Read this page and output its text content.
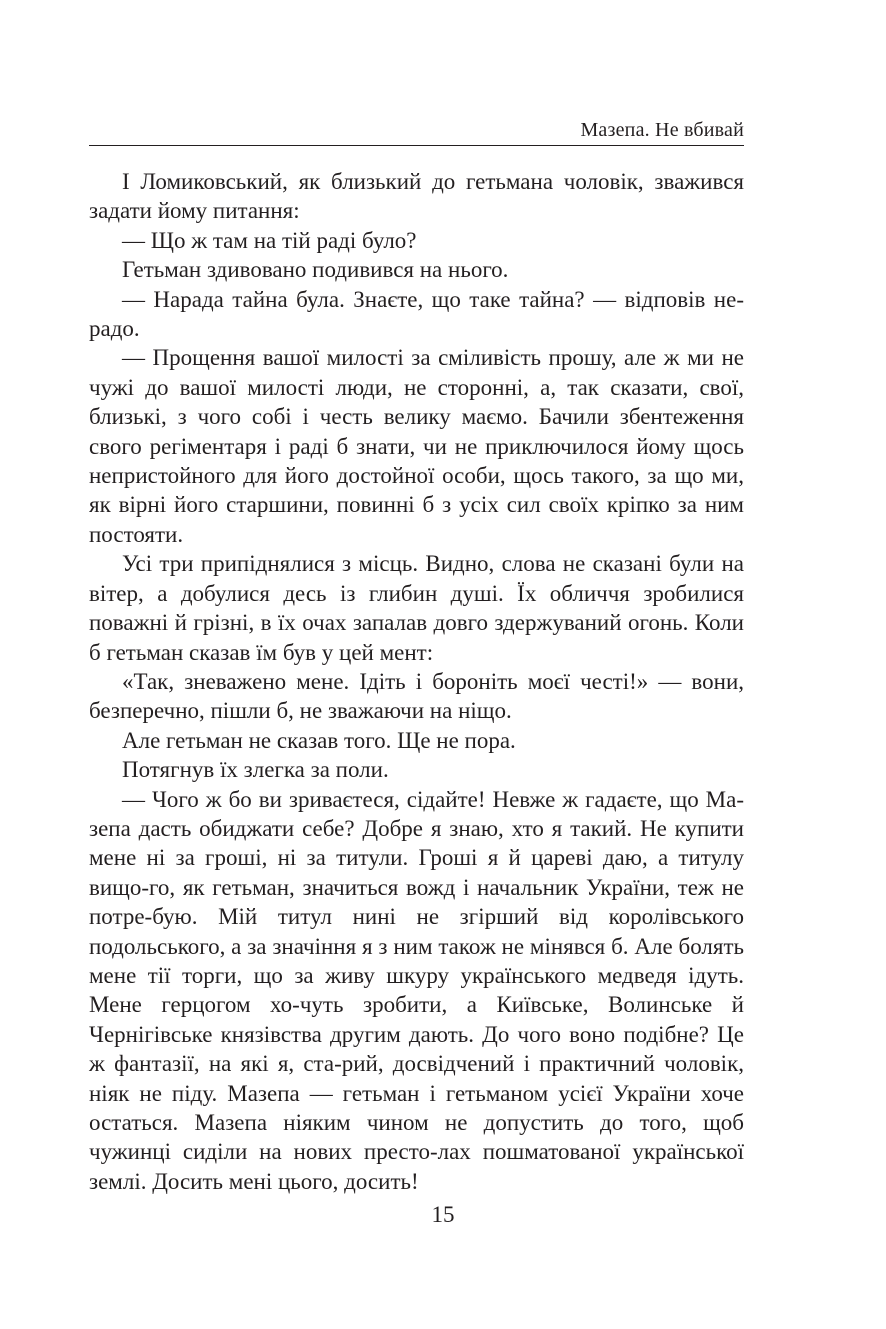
Мазепа. Не вбивай

І Ломиковський, як близький до гетьмана чоловік, зважився задати йому питання:

— Що ж там на тій раді було?

Гетьман здивовано подивився на нього.

— Нарада тайна була. Знаєте, що таке тайна? — відповів не-радо.

— Прощення вашої милості за сміливість прошу, але ж ми не чужі до вашої милості люди, не сторонні, а, так сказати, свої, близькі, з чого собі і честь велику маємо. Бачили збентеження свого регіментаря і раді б знати, чи не приключилося йому щось непристойного для його достойної особи, щось такого, за що ми, як вірні його старшини, повинні б з усіх сил своїх кріпко за ним постояти.

Усі три припіднялися з місць. Видно, слова не сказані були на вітер, а добулися десь із глибин душі. Їх обличчя зробилися поважні й грізні, в їх очах запалав довго здержуваний огонь. Коли б гетьман сказав їм був у цей мент:

«Так, зневажено мене. Ідіть і бороніть моєї честі!» — вони, безперечно, пішли б, не зважаючи на ніщо.

Але гетьман не сказав того. Ще не пора.

Потягнув їх злегка за поли.

— Чого ж бо ви зриваєтеся, сідайте! Невже ж гадаєте, що Ма-зепа дасть обиджати себе? Добре я знаю, хто я такий. Не купити мене ні за гроші, ні за титули. Гроші я й цареві даю, а титулу вищо-го, як гетьман, значиться вожд і начальник України, теж не потре-бую. Мій титул нині не згірший від королівського подольського, а за значіння я з ним також не мінявся б. Але болять мене тії торги, що за живу шкуру українського медведя ідуть. Мене герцогом хо-чуть зробити, а Київське, Волинське й Чернігівське князівства другим дають. До чого воно подібне? Це ж фантазії, на які я, ста-рий, досвідчений і практичний чоловік, ніяк не піду. Мазепа — гетьман і гетьманом усієї України хоче остаться. Мазепа ніяким чином не допустить до того, щоб чужинці сиділи на нових престо-лах пошматованої української землі. Досить мені цього, досить!

15
